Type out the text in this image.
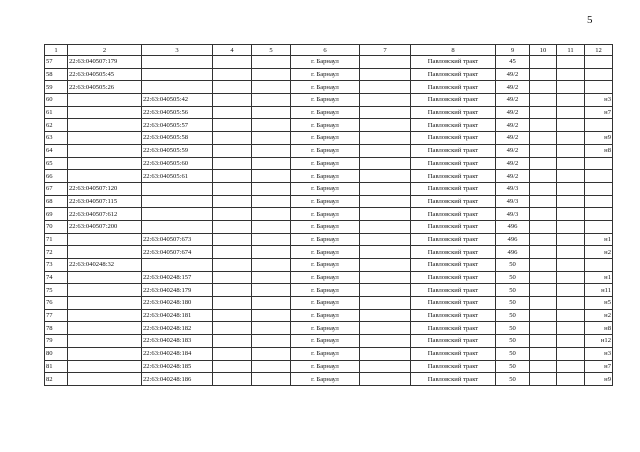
5
1	2	3	4	5	6	7	8	9	10	11	12
57	22:63:040507:179				г. Барнаул		Павловский тракт	45			
58	22:63:040505:45				г. Барнаул		Павловский тракт	49/2			
59	22:63:040505:26				г. Барнаул		Павловский тракт	49/2			
60		22:63:040505:42			г. Барнаул		Павловский тракт	49/2			н3
61		22:63:040505:56			г. Барнаул		Павловский тракт	49/2			н7
62		22:63:040505:57			г. Барнаул		Павловский тракт	49/2			
63		22:63:040505:58			г. Барнаул		Павловский тракт	49/2			н9
64		22:63:040505:59			г. Барнаул		Павловский тракт	49/2			н8
65		22:63:040505:60			г. Барнаул		Павловский тракт	49/2			
66		22:63:040505:61			г. Барнаул		Павловский тракт	49/2			
67	22:63:040507:120				г. Барнаул		Павловский тракт	49/3			
68	22:63:040507:115				г. Барнаул		Павловский тракт	49/3			
69	22:63:040507:612				г. Барнаул		Павловский тракт	49/3			
70	22:63:040507:200				г. Барнаул		Павловский тракт	496			
71		22:63:040507:673			г. Барнаул		Павловский тракт	496			н1
72		22:63:040507:674			г. Барнаул		Павловский тракт	496			н2
73	22:63:040248:32				г. Барнаул		Павловский тракт	50			
74		22:63:040248:157			г. Барнаул		Павловский тракт	50			н1
75		22:63:040248:179			г. Барнаул		Павловский тракт	50			н11
76		22:63:040248:180			г. Барнаул		Павловский тракт	50			н5
77		22:63:040248:181			г. Барнаул		Павловский тракт	50			н2
78		22:63:040248:182			г. Барнаул		Павловский тракт	50			н8
79		22:63:040248:183			г. Барнаул		Павловский тракт	50			н12
80		22:63:040248:184			г. Барнаул		Павловский тракт	50			н3
81		22:63:040248:185			г. Барнаул		Павловский тракт	50			н7
82		22:63:040248:186			г. Барнаул		Павловский тракт	50			н9
